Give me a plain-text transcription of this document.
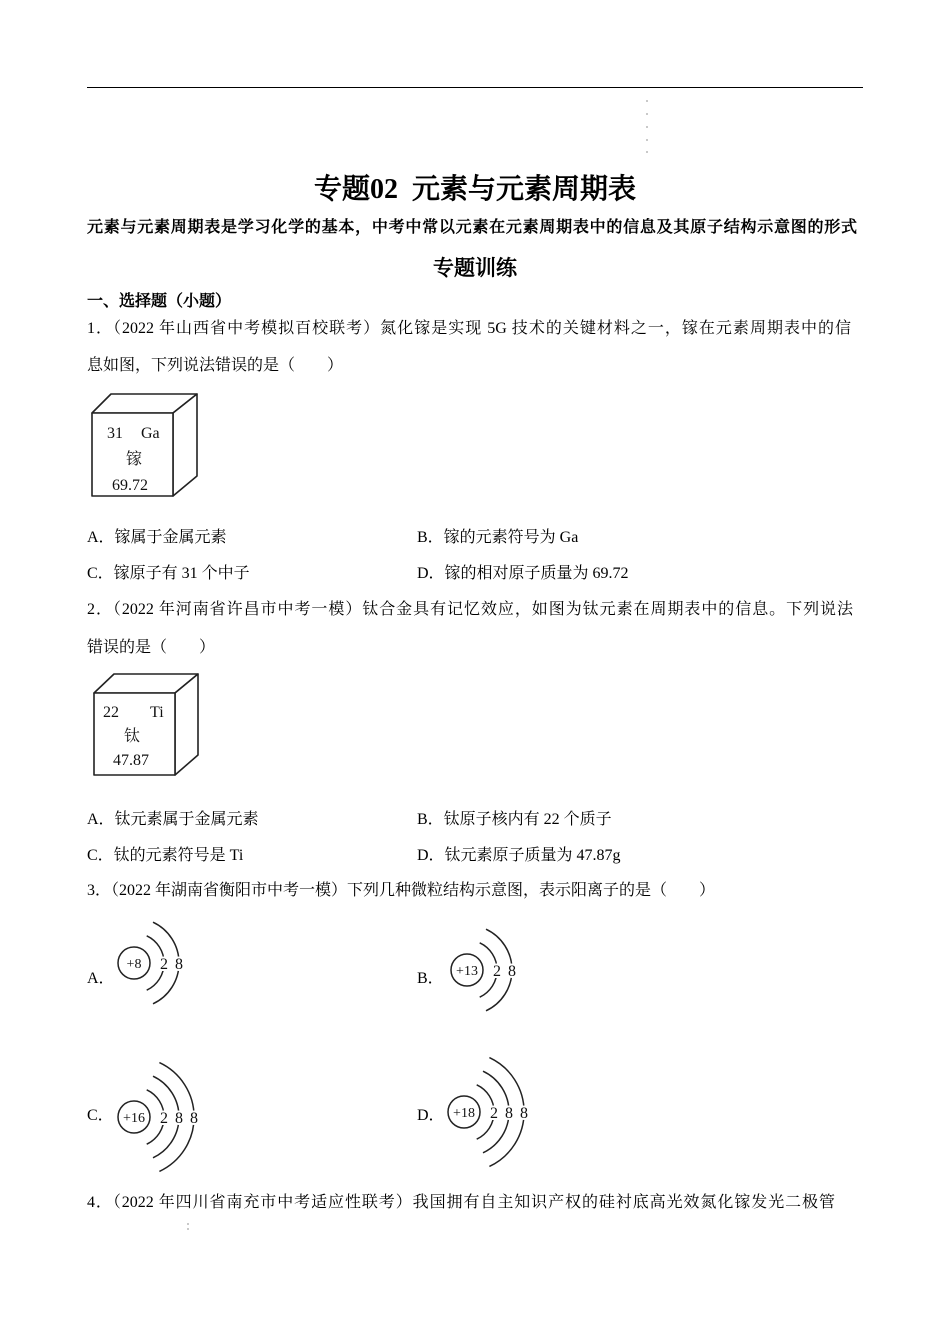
专题02  元素与元素周期表
元素与元素周期表是学习化学的基本，中考中常以元素在元素周期表中的信息及其原子结构示意图的形式
专题训练
一、选择题（小题）
1．（2022 年山西省中考模拟百校联考）氮化镓是实现 5G 技术的关键材料之一，镓在元素周期表中的信
息如图，下列说法错误的是（　　）
31 Ga
镓
69.72
A．镓属于金属元素	B．镓的元素符号为 Ga
C．镓原子有 31 个中子	D．镓的相对原子质量为 69.72
2．（2022 年河南省许昌市中考一模）钛合金具有记忆效应，如图为钛元素在周期表中的信息。下列说法
错误的是（　　）
22 Ti
钛
47.87
A．钛元素属于金属元素	B．钛原子核内有 22 个质子
C．钛的元素符号是 Ti	D．钛元素原子质量为 47.87g
3．（2022 年湖南省衡阳市中考一模）下列几种微粒结构示意图，表示阳离子的是（　　）
A．
+8 2 8
B． +13 2 8
C． +16 2 8 8	D． +18 2 8 8
4．（2022 年四川省南充市中考适应性联考）我国拥有自主知识产权的硅衬底高光效氮化镓发光二极管
